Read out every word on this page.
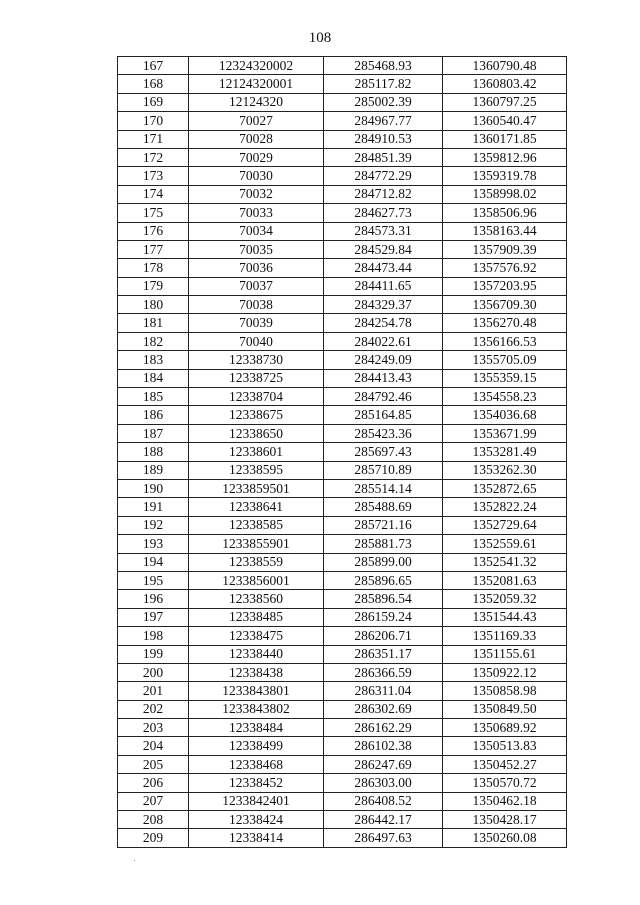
108
167	12324320002	285468.93	1360790.48
168	12124320001	285117.82	1360803.42
169	12124320	285002.39	1360797.25
170	70027	284967.77	1360540.47
171	70028	284910.53	1360171.85
172	70029	284851.39	1359812.96
173	70030	284772.29	1359319.78
174	70032	284712.82	1358998.02
175	70033	284627.73	1358506.96
176	70034	284573.31	1358163.44
177	70035	284529.84	1357909.39
178	70036	284473.44	1357576.92
179	70037	284411.65	1357203.95
180	70038	284329.37	1356709.30
181	70039	284254.78	1356270.48
182	70040	284022.61	1356166.53
183	12338730	284249.09	1355705.09
184	12338725	284413.43	1355359.15
185	12338704	284792.46	1354558.23
186	12338675	285164.85	1354036.68
187	12338650	285423.36	1353671.99
188	12338601	285697.43	1353281.49
189	12338595	285710.89	1353262.30
190	1233859501	285514.14	1352872.65
191	12338641	285488.69	1352822.24
192	12338585	285721.16	1352729.64
193	1233855901	285881.73	1352559.61
194	12338559	285899.00	1352541.32
195	1233856001	285896.65	1352081.63
196	12338560	285896.54	1352059.32
197	12338485	286159.24	1351544.43
198	12338475	286206.71	1351169.33
199	12338440	286351.17	1351155.61
200	12338438	286366.59	1350922.12
201	1233843801	286311.04	1350858.98
202	1233843802	286302.69	1350849.50
203	12338484	286162.29	1350689.92
204	12338499	286102.38	1350513.83
205	12338468	286247.69	1350452.27
206	12338452	286303.00	1350570.72
207	1233842401	286408.52	1350462.18
208	12338424	286442.17	1350428.17
209	12338414	286497.63	1350260.08
